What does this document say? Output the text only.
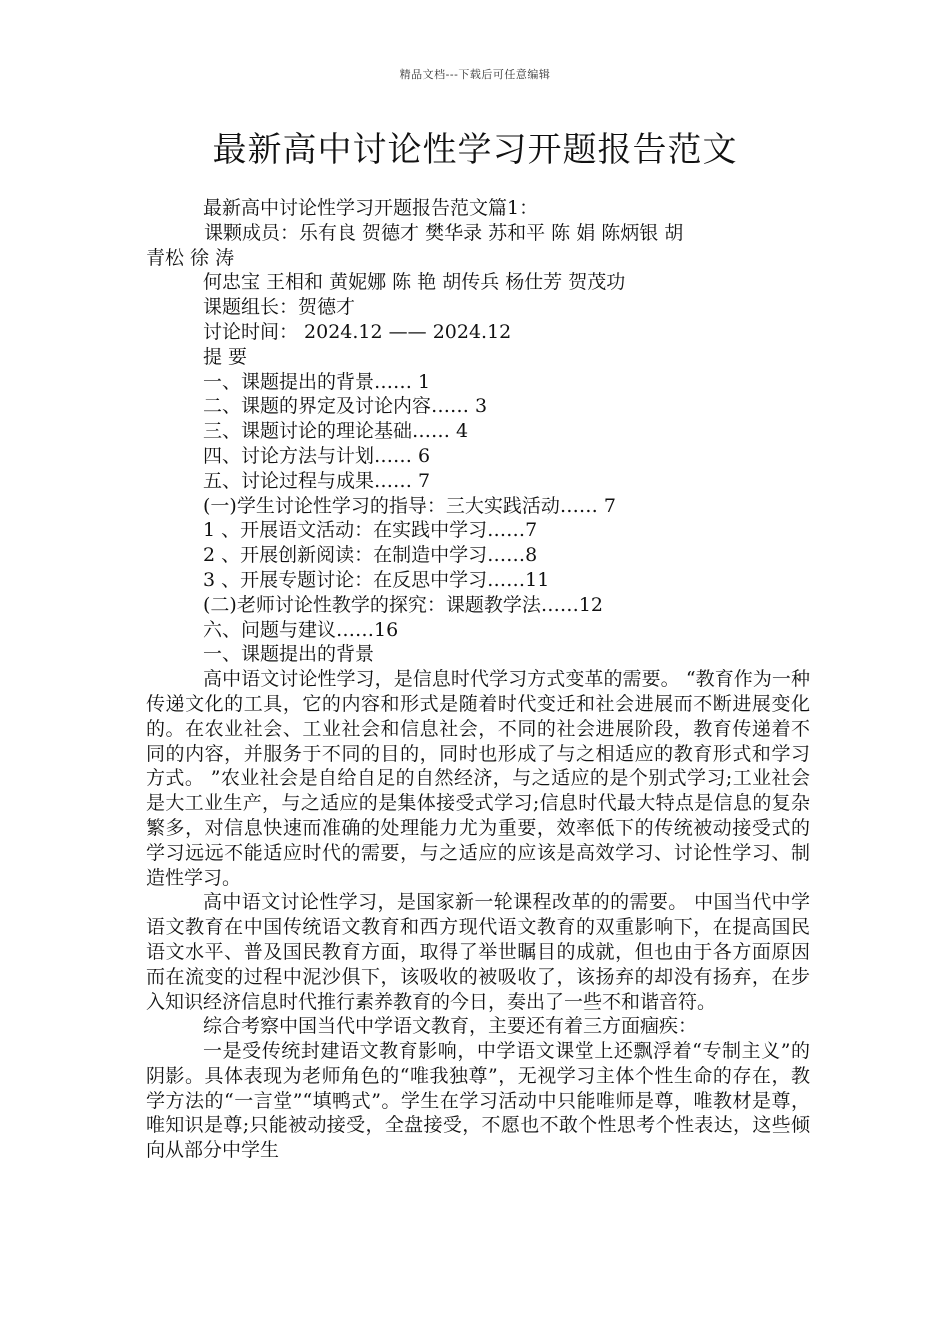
精品文档---下载后可任意编辑
最新高中讨论性学习开题报告范文
最新高中讨论性学习开题报告范文篇1：
课颗成员：乐有良 贺德才 樊华录 苏和平 陈 娟 陈炳银 胡
青松 徐 涛
何忠宝 王相和 黄妮娜 陈 艳 胡传兵 杨仕芳 贺茂功
课题组长：贺德才
讨论时间： 2024.12 —— 2024.12
提 要
一、课题提出的背景…… 1
二、课题的界定及讨论内容…… 3
三、课题讨论的理论基础…… 4
四、讨论方法与计划…… 6
五、讨论过程与成果…… 7
(一)学生讨论性学习的指导：三大实践活动…… 7
1 、开展语文活动：在实践中学习……7
2 、开展创新阅读：在制造中学习……8
3 、开展专题讨论：在反思中学习……11
(二)老师讨论性教学的探究：课题教学法……12
六、问题与建议……16
一、课题提出的背景
高中语文讨论性学习，是信息时代学习方式变革的需要。 “教育作为一种传递文化的工具，它的内容和形式是随着时代变迁和社会进展而不断进展变化的。在农业社会、工业社会和信息社会，不同的社会进展阶段，教育传递着不同的内容，并服务于不同的目的，同时也形成了与之相适应的教育形式和学习方式。 ”农业社会是自给自足的自然经济，与之适应的是个别式学习;工业社会是大工业生产，与之适应的是集体接受式学习;信息时代最大特点是信息的复杂繁多，对信息快速而准确的处理能力尤为重要，效率低下的传统被动接受式的学习远远不能适应时代的需要，与之适应的应该是高效学习、讨论性学习、制造性学习。
高中语文讨论性学习，是国家新一轮课程改革的的需要。 中国当代中学语文教育在中国传统语文教育和西方现代语文教育的双重影响下，在提高国民语文水平、普及国民教育方面，取得了举世瞩目的成就，但也由于各方面原因而在流变的过程中泥沙俱下，该吸收的被吸收了，该扬弃的却没有扬弃，在步入知识经济信息时代推行素养教育的今日，奏出了一些不和谐音符。
综合考察中国当代中学语文教育，主要还有着三方面痼疾：
一是受传统封建语文教育影响，中学语文课堂上还飘浮着“专制主义”的阴影。具体表现为老师角色的“唯我独尊”，无视学习主体个性生命的存在，教学方法的“一言堂”“填鸭式”。学生在学习活动中只能唯师是尊，唯教材是尊，唯知识是尊;只能被动接受，全盘接受，不愿也不敢个性思考个性表达，这些倾向从部分中学生
